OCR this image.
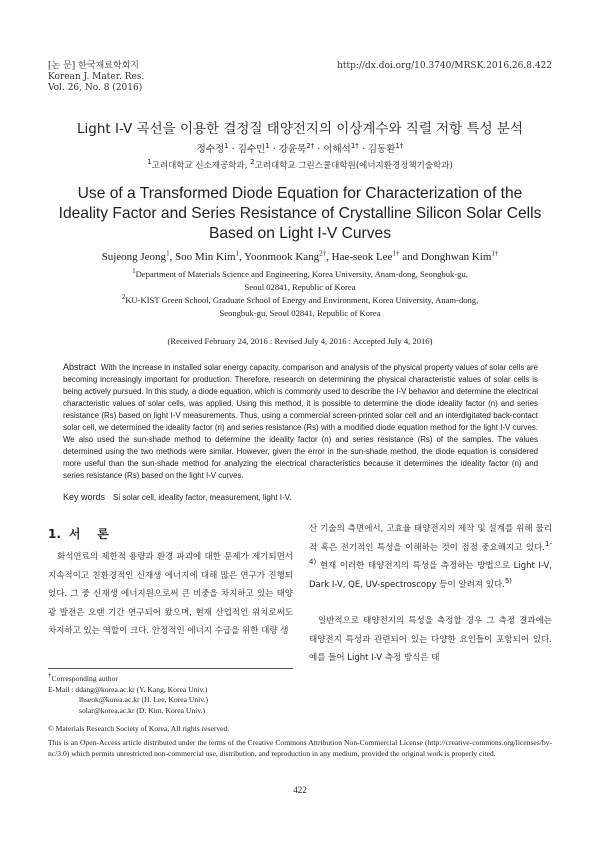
[논 문] 한국재료학회지
Korean J. Mater. Res.
Vol. 26, No. 8 (2016)
http://dx.doi.org/10.3740/MRSK.2016.26.8.422
Light I-V 곡선을 이용한 결정질 태양전지의 이상계수와 직렬 저항 특성 분석
정수정$^1$ · 김수민$^1$ · 강윤묵$^{2\dagger}$ · 이해석$^{1\dagger}$ · 김동환$^{1\dagger}$
$^1$고려대학교 신소재공학과, $^2$고려대학교 그린스쿨대학원(에너지환경정책기술학과)
Use of a Transformed Diode Equation for Characterization of the
Ideality Factor and Series Resistance of Crystalline Silicon Solar Cells
Based on Light I-V Curves
Sujeong Jeong$^1$, Soo Min Kim$^1$, Yoonmook Kang$^{2\dagger}$, Hae-seok Lee$^{1\dagger}$ and Donghwan Kim$^{1\dagger}$
$^1$Department of Materials Science and Engineering, Korea University, Anam-dong, Seongbuk-gu,
Seoul 02841, Republic of Korea
$^2$KU-KIST Green School, Graduate School of Energy and Environment, Korea University, Anam-dong,
Seongbuk-gu, Seoul 02841, Republic of Korea
(Received February 24, 2016 : Revised July 4, 2016 : Accepted July 4, 2016)
Abstract With the increase in installed solar energy capacity, comparison and analysis of the physical property values of solar cells are becoming increasingly important for production. Therefore, research on determining the physical characteristic values of solar cells is being actively pursued. In this study, a diode equation, which is commonly used to describe the I-V behavior and determine the electrical characteristic values of solar cells, was applied. Using this method, it is possible to determine the diode ideality factor (n) and series resistance (Rs) based on light I-V measurements. Thus, using a commercial screen-printed solar cell and an interdigitated back-contact solar cell, we determined the ideality factor (n) and series resistance (Rs) with a modified diode equation method for the light I-V curves. We also used the sun-shade method to determine the ideality factor (n) and series resistance (Rs) of the samples. The values determined using the two methods were similar. However, given the error in the sun-shade method, the diode equation is considered more useful than the sun-shade method for analyzing the electrical characteristics because it determines the ideality factor (n) and series resistance (Rs) based on the light I-V curves.
Key words Si solar cell, ideality factor, measurement, light I-V.
1. 서    론
화석연료의 제한적 용량과 환경 파괴에 대한 문제가 제기되면서 지속적이고 친환경적인 신재생 에너지에 대해 많은 연구가 진행되었다. 그 중 신재생 에너지원으로써 큰 비중을 차지하고 있는 태양광 발전은 오랜 기간 연구되어 왔으며, 현재 산업적인 위치로써도 차지하고 있는 역할이 크다. 안정적인 에너지 수급을 위한 대량 생
산 기술의 측면에서, 고효율 태양전지의 제작 및 설계를 위해 물리적 혹은 전기적인 특성을 이해하는 것이 점점 중요해지고 있다.$^{1-4)}$ 현재 이러한 태양전지의 특성을 측정하는 방법으로 Light I-V, Dark I-V, QE, UV-spectroscopy 등이 알려져 있다.$^{5)}$
일반적으로 태양전지의 특성을 측정할 경우 그 측정 결과에는 태양전지 특성과 관련되어 있는 다양한 요인들이 포함되어 있다. 예를 들어 Light I-V 측정 방식은 태
†Corresponding author
E-Mail : ddang@korea.ac.kr (Y. Kang, Korea Univ.)
lhseok@korea.ac.kr (H. Lee, Korea Univ.)
solar@korea.ac.kr (D. Kim, Korea Univ.)
© Materials Research Society of Korea, All rights reserved.
This is an Open-Access article distributed under the terms of the Creative Commons Attribution Non-Commercial License (http://creative-commons.org/licenses/by-nc/3.0) which permits unrestricted non-commercial use, distribution, and reproduction in any medium, provided the original work is properly cited.
422
